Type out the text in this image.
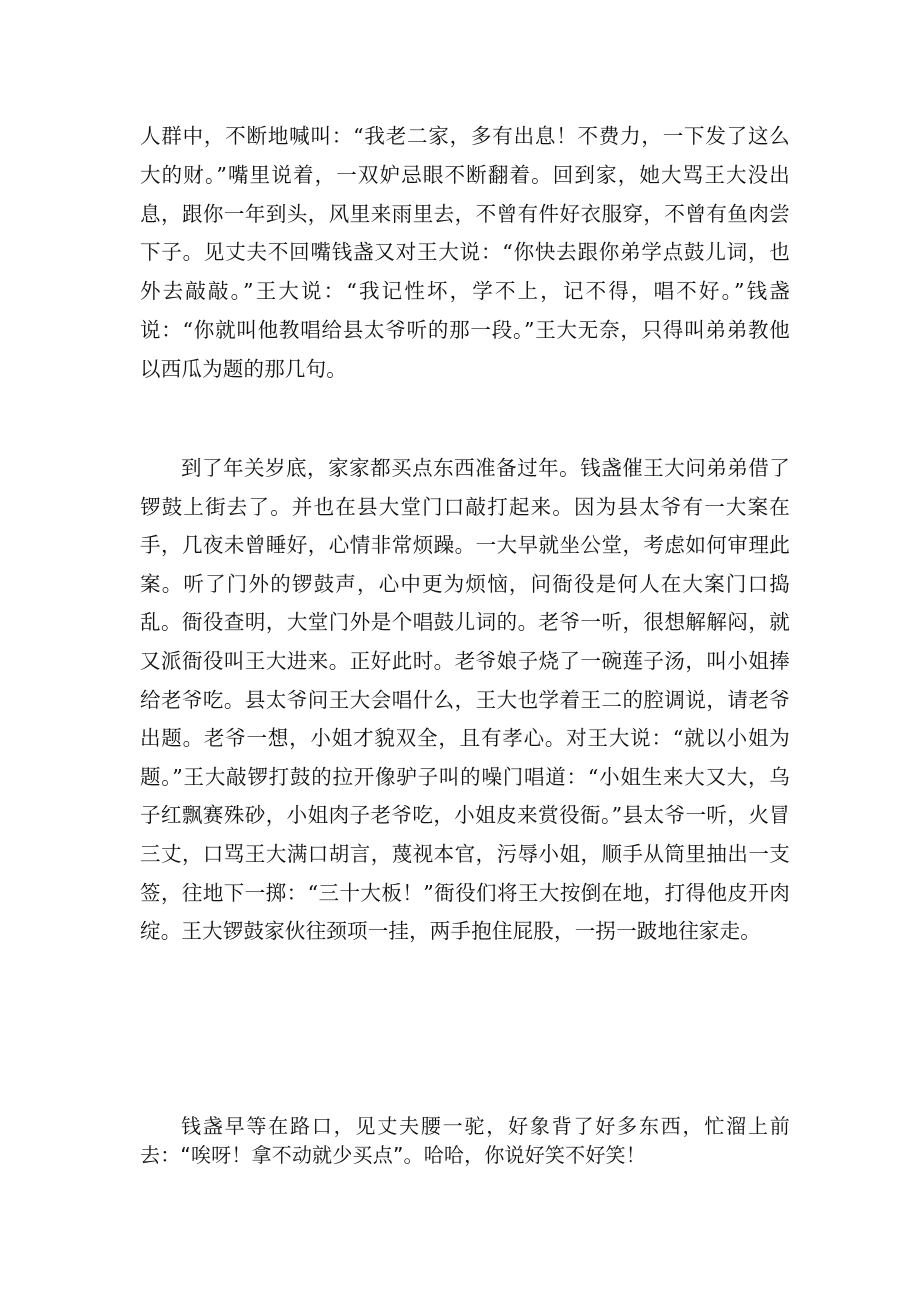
人群中，不断地喊叫：“我老二家，多有出息！不费力，一下发了这么大的财。”嘴里说着，一双妒忌眼不断翻着。回到家，她大骂王大没出息，跟你一年到头，风里来雨里去，不曾有件好衣服穿，不曾有鱼肉尝下子。见丈夫不回嘴钱盏又对王大说：“你快去跟你弟学点鼓儿词，也外去敲敲。”王大说：“我记性坏，学不上，记不得，唱不好。”钱盏说：“你就叫他教唱给县太爷听的那一段。”王大无奈，只得叫弟弟教他以西瓜为题的那几句。

到了年关岁底，家家都买点东西准备过年。钱盏催王大问弟弟借了锣鼓上街去了。并也在县大堂门口敲打起来。因为县太爷有一大案在手，几夜未曾睡好，心情非常烦躁。一大早就坐公堂，考虑如何审理此案。听了门外的锣鼓声，心中更为烦恼，问衙役是何人在大案门口捣乱。衙役查明，大堂门外是个唱鼓儿词的。老爷一听，很想解解闷，就又派衙役叫王大进来。正好此时。老爷娘子烧了一碗莲子汤，叫小姐捧给老爷吃。县太爷问王大会唱什么，王大也学着王二的腔调说，请老爷出题。老爷一想，小姐才貌双全，且有孝心。对王大说：“就以小姐为题。”王大敲锣打鼓的拉开像驴子叫的噪门唱道：“小姐生来大又大，乌子红飘赛殊砂，小姐肉子老爷吃，小姐皮来赏役衙。”县太爷一听，火冒三丈，口骂王大满口胡言，蔑视本官，污辱小姐，顺手从筒里抽出一支签，往地下一掷：“三十大板！”衙役们将王大按倒在地，打得他皮开肉绽。王大锣鼓家伙往颈项一挂，两手抱住屁股，一拐一跛地往家走。

钱盏早等在路口，见丈夫腰一驼，好象背了好多东西，忙溜上前去：“唉呀！拿不动就少买点”。哈哈，你说好笑不好笑！
